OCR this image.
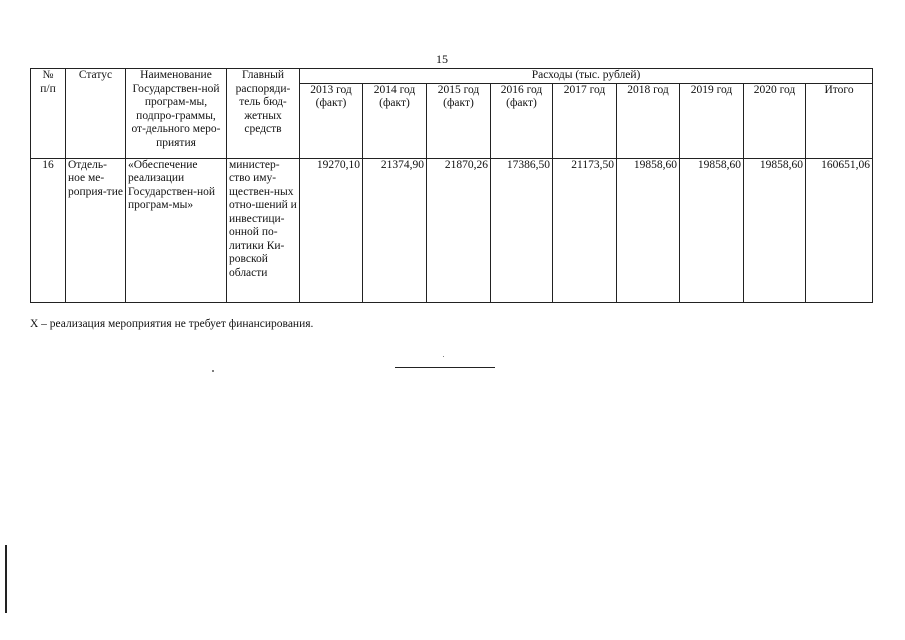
15
№
п/п	Статус	Наименование Государствен-ной програм-мы, подпро-граммы, от-дельного меро-приятия	Главный распоряди-тель бюд-жетных средств	Расходы (тыс. рублей)								
				2013 год (факт)	2014 год (факт)	2015 год (факт)	2016 год (факт)	2017 год	2018 год	2019 год	2020 год	Итого
16	Отдель-ное ме-роприя-тие	«Обеспечение реализации Государствен-ной програм-мы»	министер-ство иму-ществен-ных отно-шений и инвестици-онной по-литики Ки-ровской области	19270,10	21374,90	21870,26	17386,50	21173,50	19858,60	19858,60	19858,60	160651,06
Х – реализация мероприятия не требует финансирования.
